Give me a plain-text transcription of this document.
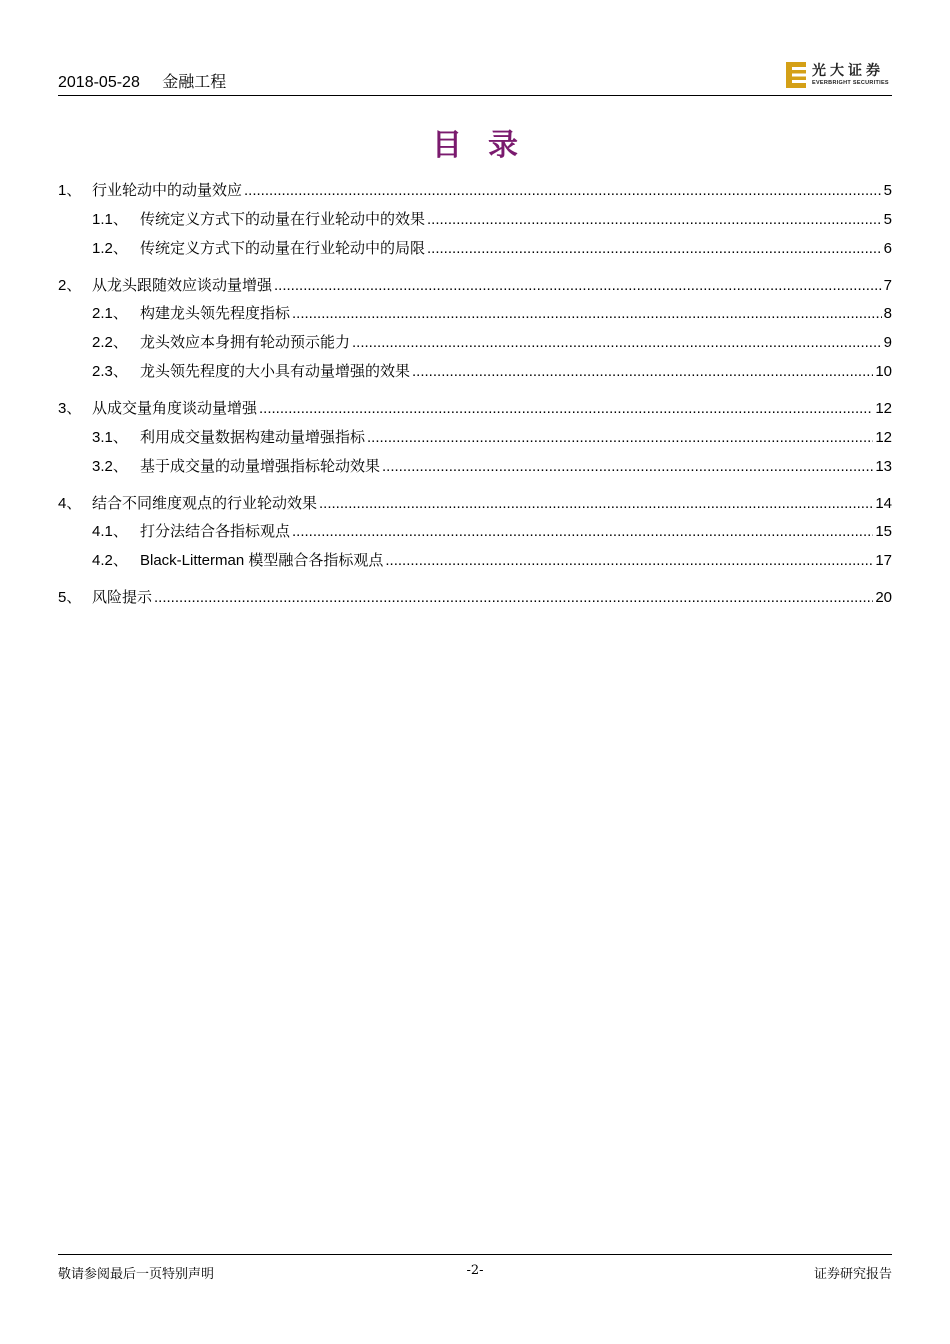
2018-05-28 金融工程
光大证券
EVERBRIGHT SECURITIES
目录
1、 行业轮动中的动量效应 .....	5
1.1、 传统定义方式下的动量在行业轮动中的效果 .....	5
1.2、 传统定义方式下的动量在行业轮动中的局限 .....	6
2、 从龙头跟随效应谈动量增强 .....	7
2.1、 构建龙头领先程度指标 .....	8
2.2、 龙头效应本身拥有轮动预示能力 .....	9
2.3、 龙头领先程度的大小具有动量增强的效果 .....	10
3、 从成交量角度谈动量增强 .....	12
3.1、 利用成交量数据构建动量增强指标 .....	12
3.2、 基于成交量的动量增强指标轮动效果 .....	13
4、 结合不同维度观点的行业轮动效果 .....	14
4.1、 打分法结合各指标观点 .....	15
4.2、 Black-Litterman 模型融合各指标观点 .....	17
5、 风险提示 .....	20
敬请参阅最后一页特别声明	-2-	证券研究报告
